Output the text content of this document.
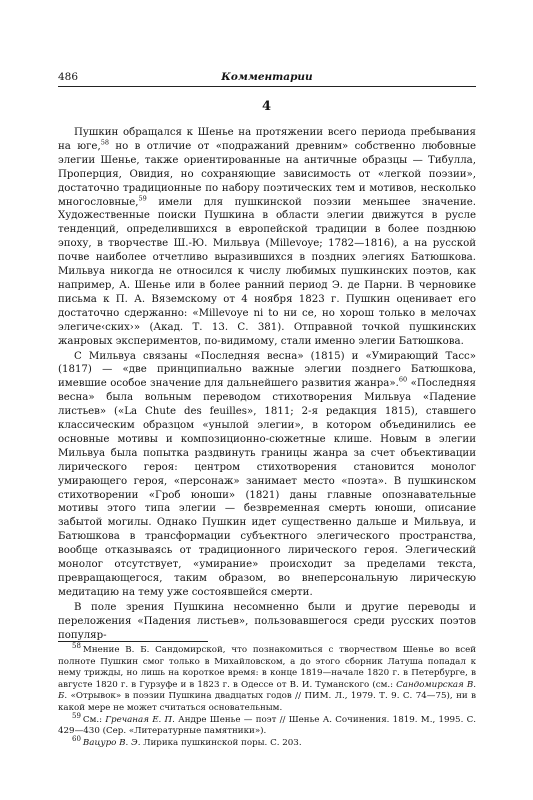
486	Комментарии
4

Пушкин обращался к Шенье на протяжении всего периода пребывания на юге,$^{58}$ но в отличие от «подражаний древним» собственно любовные элегии Шенье, также ориентированные на античные образцы — Тибулла, Проперция, Овидия, но сохраняющие зависимость от «легкой поэзии», достаточно традиционные по набору поэтических тем и мотивов, несколько многословные,$^{59}$ имели для пушкинской поэзии меньшее значение. Художественные поиски Пушкина в области элегии движутся в русле тенденций, определившихся в европейской традиции в более позднюю эпоху, в творчестве Ш.-Ю. Мильвуа (Millevoye; 1782—1816), а на русской почве наиболее отчетливо выразившихся в поздних элегиях Батюшкова. Мильвуа никогда не относился к числу любимых пушкинских поэтов, как например, А. Шенье или в более ранний период Э. де Парни. В черновике письма к П. А. Вяземскому от 4 ноября 1823 г. Пушкин оценивает его достаточно сдержанно: «Millevoye ni to ни се, но хорош только в мелочах элегиче‹ских›» (Акад. Т. 13. С. 381). Отправной точкой пушкинских жанровых экспериментов, по-видимому, стали именно элегии Батюшкова.

С Мильвуа связаны «Последняя весна» (1815) и «Умирающий Тасс» (1817) — «две принципиально важные элегии позднего Батюшкова, имевшие особое значение для дальнейшего развития жанра».$^{60}$ «Последняя весна» была вольным переводом стихотворения Мильвуа «Падение листьев» («La Chute des feuilles», 1811; 2-я редакция 1815), ставшего классическим образцом «унылой элегии», в котором объединились ее основные мотивы и композиционно-сюжетные клише. Новым в элегии Мильвуа была попытка раздвинуть границы жанра за счет объективации лирического героя: центром стихотворения становится монолог умирающего героя, «персонаж» занимает место «поэта». В пушкинском стихотворении «Гроб юноши» (1821) даны главные опознавательные мотивы этого типа элегии — безвременная смерть юноши, описание забытой могилы. Однако Пушкин идет существенно дальше и Мильвуа, и Батюшкова в трансформации субъектного элегического пространства, вообще отказываясь от традиционного лирического героя. Элегический монолог отсутствует, «умирание» происходит за пределами текста, превращающегося, таким образом, во внеперсональную лирическую медитацию на тему уже состоявшейся смерти.

В поле зрения Пушкина несомненно были и другие переводы и переложения «Падения листьев», пользовавшегося среди русских поэтов популяр-

$^{58}$ Мнение В. Б. Сандомирской, что познакомиться с творчеством Шенье во всей полноте Пушкин смог только в Михайловском, а до этого сборник Латуша попадал к нему трижды, но лишь на короткое время: в конце 1819—начале 1820 г. в Петербурге, в августе 1820 г. в Гурзуфе и в 1823 г. в Одессе от В. И. Туманского (см.: Сандомирская В. Б. «Отрывок» в поэзии Пушкина двадцатых годов // ПИМ. Л., 1979. Т. 9. С. 74—75), ни в какой мере не может считаться основательным.

$^{59}$ См.: Гречаная Е. П. Андре Шенье — поэт // Шенье А. Сочинения. 1819. М., 1995. С. 429—430 (Сер. «Литературные памятники»).

$^{60}$ Вацуро В. Э. Лирика пушкинской поры. С. 203.
